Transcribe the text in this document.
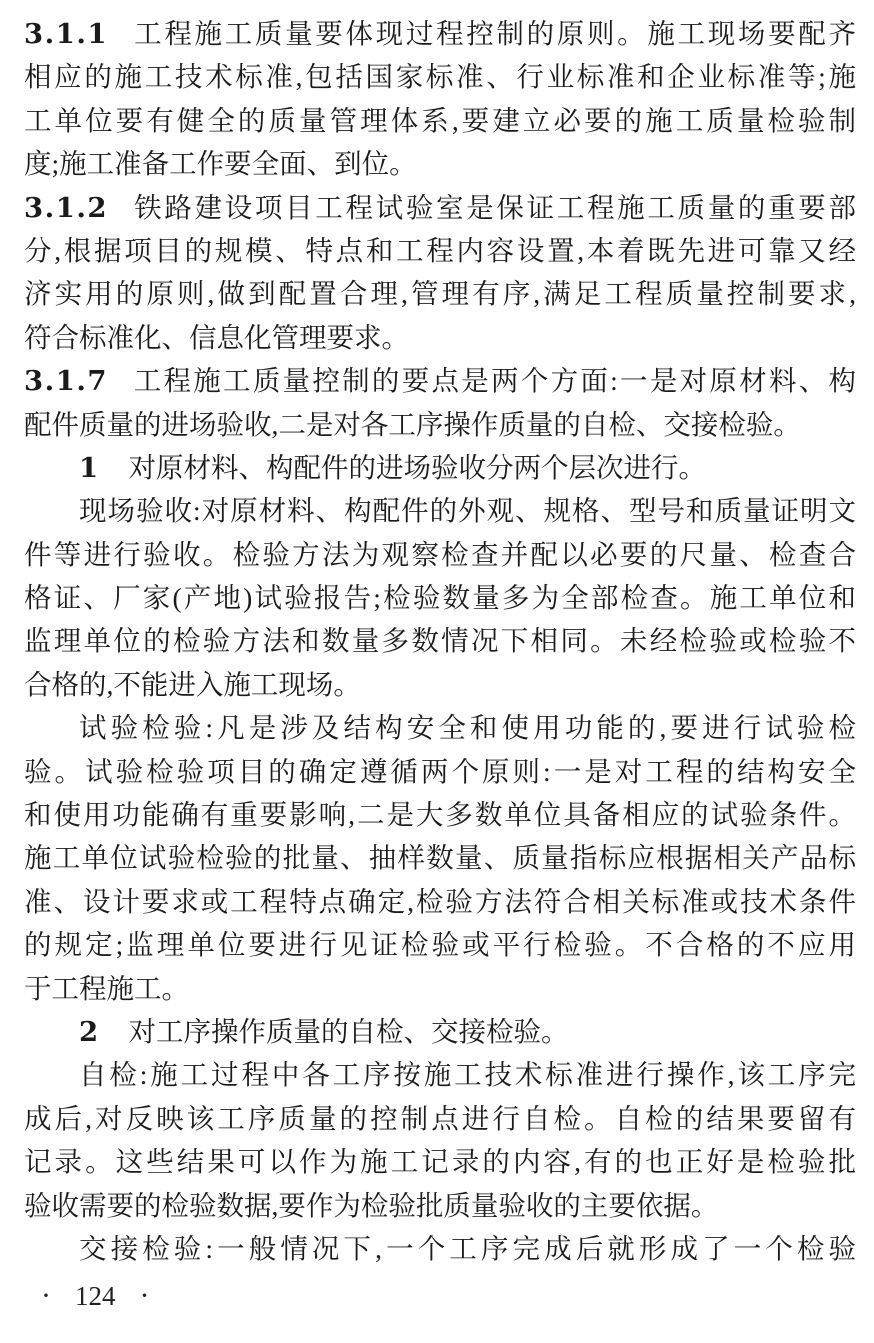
3.1.1 工程施工质量要体现过程控制的原则。施工现场要配齐
相应的施工技术标准,包括国家标准、行业标准和企业标准等;施
工单位要有健全的质量管理体系,要建立必要的施工质量检验制
度;施工准备工作要全面、到位。
3.1.2 铁路建设项目工程试验室是保证工程施工质量的重要部
分,根据项目的规模、特点和工程内容设置,本着既先进可靠又经
济实用的原则,做到配置合理,管理有序,满足工程质量控制要求,
符合标准化、信息化管理要求。
3.1.7 工程施工质量控制的要点是两个方面:一是对原材料、构
配件质量的进场验收,二是对各工序操作质量的自检、交接检验。
1 对原材料、构配件的进场验收分两个层次进行。
现场验收:对原材料、构配件的外观、规格、型号和质量证明文
件等进行验收。检验方法为观察检查并配以必要的尺量、检查合
格证、厂家(产地)试验报告;检验数量多为全部检查。施工单位和
监理单位的检验方法和数量多数情况下相同。未经检验或检验不
合格的,不能进入施工现场。
试验检验:凡是涉及结构安全和使用功能的,要进行试验检
验。试验检验项目的确定遵循两个原则:一是对工程的结构安全
和使用功能确有重要影响,二是大多数单位具备相应的试验条件。
施工单位试验检验的批量、抽样数量、质量指标应根据相关产品标
准、设计要求或工程特点确定,检验方法符合相关标准或技术条件
的规定;监理单位要进行见证检验或平行检验。不合格的不应用
于工程施工。
2 对工序操作质量的自检、交接检验。
自检:施工过程中各工序按施工技术标准进行操作,该工序完
成后,对反映该工序质量的控制点进行自检。自检的结果要留有
记录。这些结果可以作为施工记录的内容,有的也正好是检验批
验收需要的检验数据,要作为检验批质量验收的主要依据。
交接检验:一般情况下,一个工序完成后就形成了一个检验
· 124 ·
